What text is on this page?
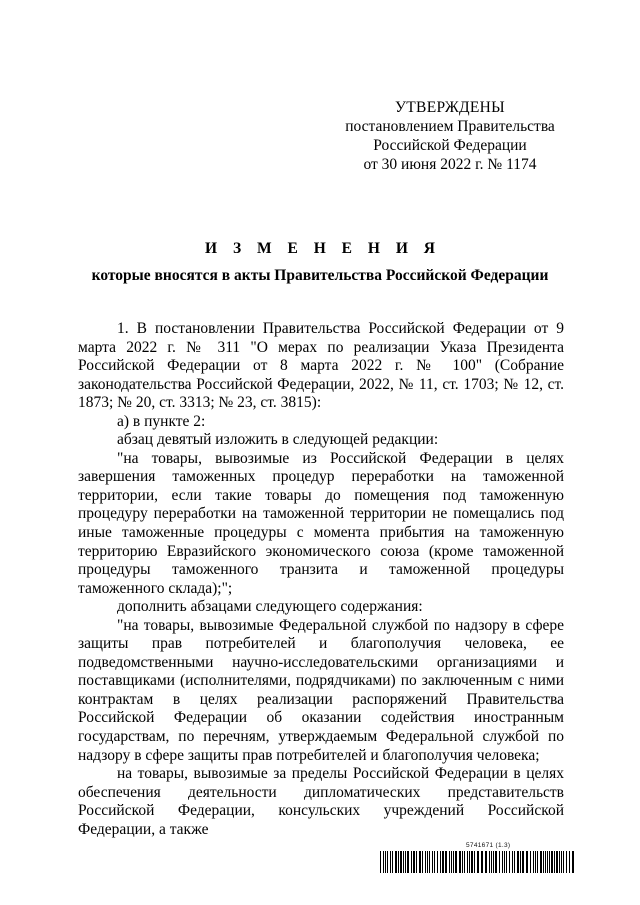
УТВЕРЖДЕНЫ
постановлением Правительства
Российской Федерации
от 30 июня 2022 г. № 1174
И З М Е Н Е Н И Я
которые вносятся в акты Правительства Российской Федерации

1. В постановлении Правительства Российской Федерации от 9 марта 2022 г. № 311 "О мерах по реализации Указа Президента Российской Федерации от 8 марта 2022 г. № 100" (Собрание законодательства Российской Федерации, 2022, № 11, ст. 1703; № 12, ст. 1873; № 20, ст. 3313; № 23, ст. 3815):

а) в пункте 2:

абзац девятый изложить в следующей редакции:

"на товары, вывозимые из Российской Федерации в целях завершения таможенных процедур переработки на таможенной территории, если такие товары до помещения под таможенную процедуру переработки на таможенной территории не помещались под иные таможенные процедуры с момента прибытия на таможенную территорию Евразийского экономического союза (кроме таможенной процедуры таможенного транзита и таможенной процедуры таможенного склада);";

дополнить абзацами следующего содержания:

"на товары, вывозимые Федеральной службой по надзору в сфере защиты прав потребителей и благополучия человека, ее подведомственными научно-исследовательскими организациями и поставщиками (исполнителями, подрядчиками) по заключенным с ними контрактам в целях реализации распоряжений Правительства Российской Федерации об оказании содействия иностранным государствам, по перечням, утверждаемым Федеральной службой по надзору в сфере защиты прав потребителей и благополучия человека;

на товары, вывозимые за пределы Российской Федерации в целях обеспечения деятельности дипломатических представительств Российской Федерации, консульских учреждений Российской Федерации, а также

5741671 (1.3)
